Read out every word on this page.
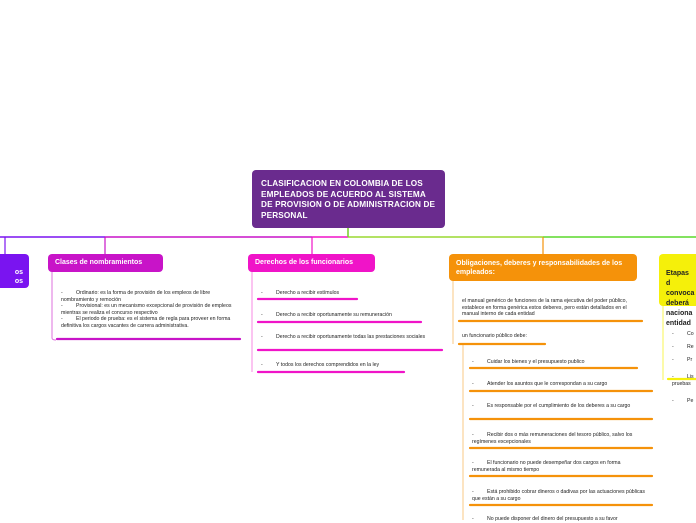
CLASIFICACION EN COLOMBIA DE LOS EMPLEADOS DE ACUERDO AL SISTEMA DE PROVISION O DE ADMINISTRACION DE PERSONAL

os
os

Clases de nombramientos
-	Ordinario: es la forma de provisión de los empleos de libre nombramiento y remoción
-	Provisional: es un mecanismo excepcional de provisión de empleos mientras se realiza el concurso respectivo
-	El periodo de prueba: es el sistema de regla para proveer en forma definitiva los cargos vacantes de carrera administrativa.
Derechos de los funcionarios
-	Derecho a recibir estímulos
-	Derecho a recibir oportunamente su remuneración
-	Derecho a recibir oportunamente todas las prestaciones sociales
-	Y todos los derechos comprendidos en la ley
Obligaciones, deberes y responsabilidades de los empleados:
el manual genérico de funciones de la rama ejecutiva del poder público, establece en forma genérica estos deberes, pero están detallados en el manual interno de cada entidad
un funcionario público debe:
-	Cuidar los bienes y el presupuesto publico
-	Atender los asuntos que le correspondan a su cargo
-	Es responsable por el cumplimiento de los deberes a su cargo
-	Recibir dos o más remuneraciones del tesoro público, salvo los regímenes excepcionales
-	El funcionario no puede desempeñar dos cargos en forma remunerada al mismo tiempo
-	Está prohibido cobrar dineros o dadivas por las actuaciones públicas que están a su cargo
-	No puede disponer del dinero del presupuesto a su favor

Etapas d
convoca
deberá
naciona
entidad

-	Co

-	Re

-	Pr

-	Lis
pruebas

-	Pe
